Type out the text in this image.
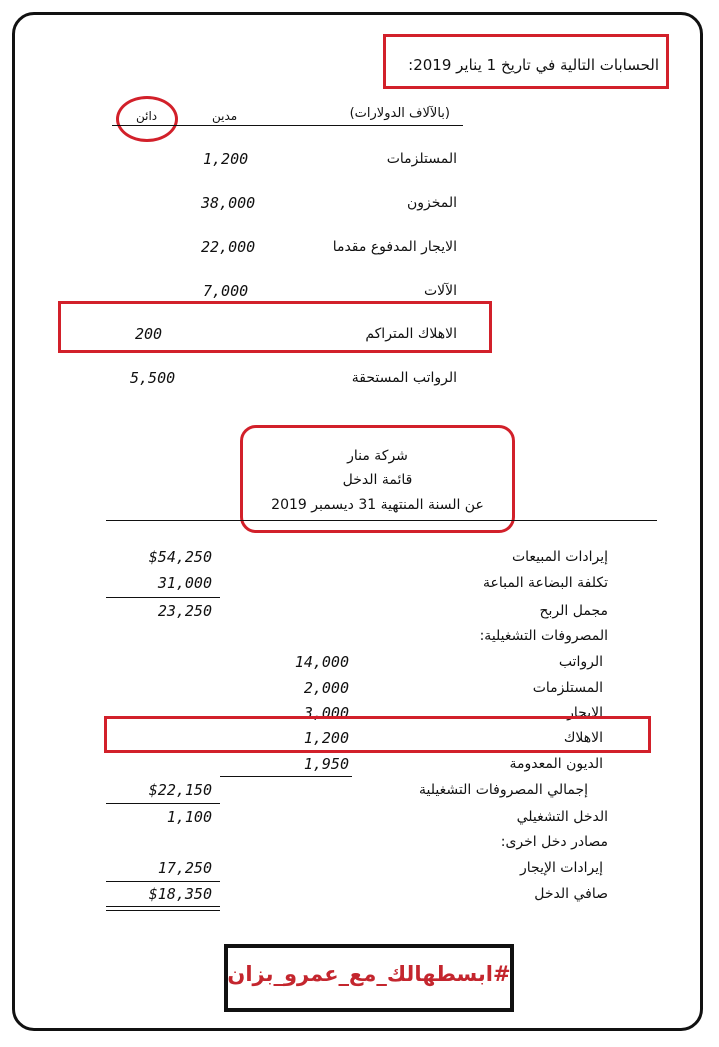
الحسابات التالية في تاريخ 1 يناير 2019:
(بالآلاف الدولارات)
مدين
دائن
المستلزمات
1,200
المخزون
38,000
الايجار المدفوع مقدما
22,000
الآلات
7,000
الاهلاك المتراكم
200
الرواتب المستحقة
5,500
شركة منار
قائمة الدخل
عن السنة المنتهية 31 ديسمبر 2019
إيرادات المبيعات
$54,250
تكلفة البضاعة المباعة
31,000
مجمل الربح
23,250
المصروفات التشغيلية:
الرواتب
14,000
المستلزمات
2,000
الايجار
3,000
الاهلاك
1,200
الديون المعدومة
1,950
إجمالي المصروفات التشغيلية
$22,150
الدخل التشغيلي
1,100
مصادر دخل اخرى:
إيرادات الإيجار
17,250
صافي الدخل
$18,350
#ابسطهالك_مع_عمرو_بزان
